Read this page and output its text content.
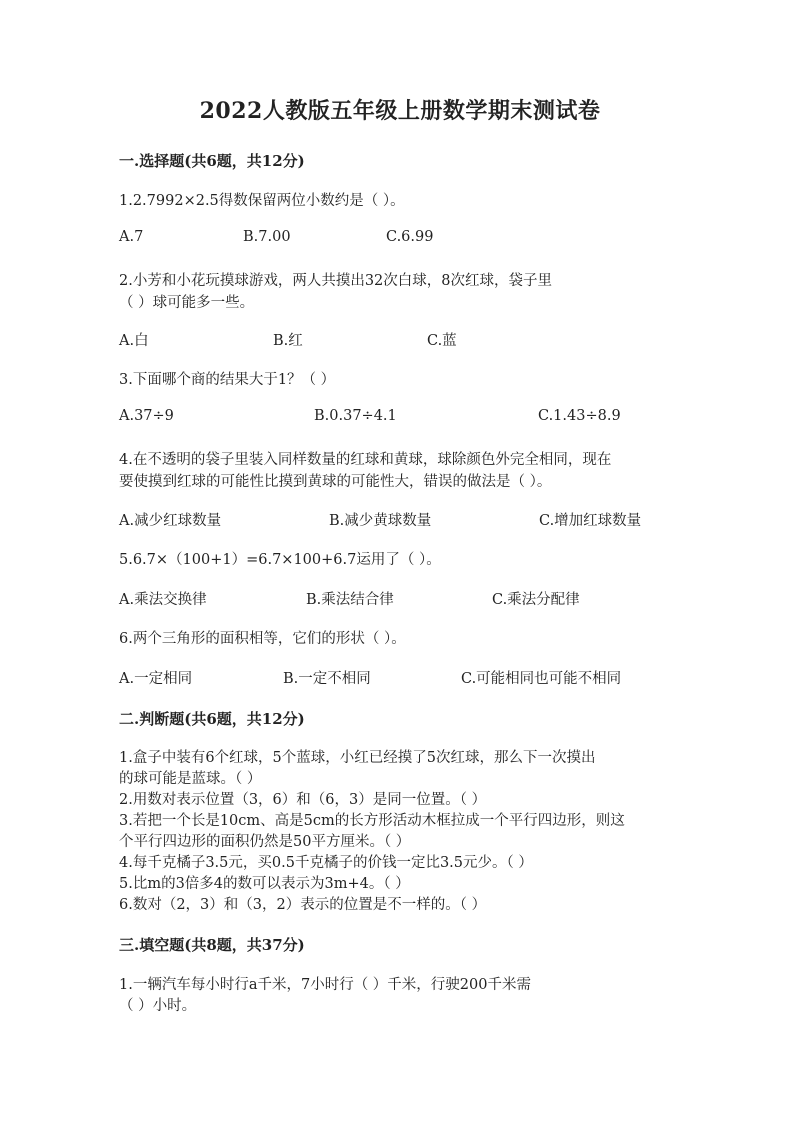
2022人教版五年级上册数学期末测试卷
一.选择题(共6题，共12分)
1.2.7992×2.5得数保留两位小数约是（ ）。
A.7	B.7.00	C.6.99
2.小芳和小花玩摸球游戏，两人共摸出32次白球，8次红球，袋子里
（ ）球可能多一些。
A.白	B.红	C.蓝
3.下面哪个商的结果大于1？（ ）
A.37÷9	B.0.37÷4.1	C.1.43÷8.9
4.在不透明的袋子里装入同样数量的红球和黄球，球除颜色外完全相同，现在
要使摸到红球的可能性比摸到黄球的可能性大，错误的做法是（ ）。
A.减少红球数量	B.减少黄球数量	C.增加红球数量
5.6.7×（100+1）=6.7×100+6.7运用了（ ）。
A.乘法交换律	B.乘法结合律	C.乘法分配律
6.两个三角形的面积相等，它们的形状（ ）。
A.一定相同	B.一定不相同	C.可能相同也可能不相同
二.判断题(共6题，共12分)
1.盒子中装有6个红球，5个蓝球，小红已经摸了5次红球，那么下一次摸出
的球可能是蓝球。（ ）
2.用数对表示位置（3，6）和（6，3）是同一位置。（ ）
3.若把一个长是10cm、高是5cm的长方形活动木框拉成一个平行四边形，则这
个平行四边形的面积仍然是50平方厘米。（ ）
4.每千克橘子3.5元，买0.5千克橘子的价钱一定比3.5元少。（ ）
5.比m的3倍多4的数可以表示为3m+4。（ ）
6.数对（2，3）和（3，2）表示的位置是不一样的。（ ）
三.填空题(共8题，共37分)
1.一辆汽车每小时行a千米，7小时行（ ）千米，行驶200千米需
（ ）小时。
